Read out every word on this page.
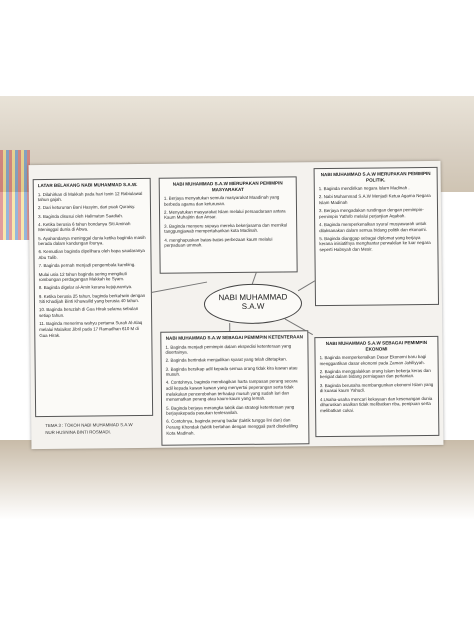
LATAR BELAKANG NABI MUHAMMAD S.A.W.
1. Dilahirkan di Makkah pada hari Isnin 12 Rabiulawal tahun gajah.
2. Dari keturunan Bani Hasyim, dari puak Quraisy.
3. Baginda disusui oleh Halimatun Saadiah.
4. Ketika berusia 6 tahun bondanya Siti Aminah Meninggal dunia di Abwa.
5. Ayahandanya meninggal dunia ketika baginda masih berada dalam kandungan ibunya.
6. Kemudian baginda dipelihara oleh bapa saudaranya Abu Talib.
7. Baginda pernah menjadi pengembala kambing.
Mulai usia 12 tahun baginda sering mengikuti rombongan perdagangan Makkah ke Syam.
8. Baginda digelar al-Amin kerana kejujurannya.
9. Ketika berusia 25 tahun, baginda berkahwin dengan Siti Khadijah Binti Khuwailid yang berusia 40 tahun.
10. Baginda beruzlah di Gua Hirak selama sebulan setiap tahun.
11. Baginda menerima wahyu pertama Surah Al-Alaq melalui Malaikat Jibril pada 17 Ramadhan 610 M di Gua Hirak.
NABI MUHAMMAD S.A.W MERUPAKAN PEMIMPIN MASYARAKAT
1. Berjaya menyatukan semula masyarakat Maadinah yang berbeda agama dan keturunan.
2. Menyatukan masyarakat Islam melalui persaudaraan antara Kaum Muhajirin dan Ansar.
3. Baginda menyeru supaya mereka bekerjasama dan memikul tanggungjawab mempertahankan kota Madinah.
4. menghapuskan batas-batas perbezaan kaum melalui perpaduan ummah.
NABI MUHAMMAD S.A.W MERUPAKAN PEMIMPIN POLITIK.
1. Baginda mendirikan negara Islam Madinah .
2. Nabi Muhammad S.A.W Menjadi Ketua Agama Negara Islam Madinah
3. Berjaya mengadakan rundingan dengan pemimpin-pemimpin Yathrib melalui perjanjian Aqabah.
4. Baginda memperkenalkan syura/ musyawarah untuk dilaksanakan dalam semua bidang politik dan ekonomi.
5. Baginda dianggap sebagai diplomat yang berjaya kerana inisiatifnya menghantar perwakilan ke luar negara seperti Habsyah dan Mesir.
NABI MUHAMMAD
S.A.W
NABI MUHAMMAD S.A.W SEBAGAI PEMIMPIN KETENTERAAN
1. Baginda menjadi pemimpin dalam ekspedisi ketenteraan yang disertainya.
2. Baginda bertindak menjadikan syarat yang telah ditetapkan.
3. Baginda bersikap adil kepada semua orang tidak kira kawan atau musuh.
4. Contohnya, baginda membagikan harta rampasan perang secara adil kepada kawan kawan yang menyertai peperangan serta tidak melakukan pencerobohan terhadap musuh yang sudah lari dan menamatkan perang atau kaum-kaum yang lemah.
5. Baginda berjaya merangka taktik dan strategi ketenteraan yang berjayakepada pasukan tenteranilah.
6. Contohnya, baginda perang badar (taktik tunggo lini dan) dan Perang Khondak (taktik bertahan dengan menggali parit disekeliling Kota Madinah.
NABI MUHAMMAD S.A.W SEBAGAI PEMIMPIN EKONOMI
1. Baginda memperkenalkan Dasar Ekonomi baru bagi menggantikan dasar ekonomi pada Zaman Jahiliyyah.
2. Baginda menggalakkan orang Islam bekerja keras dan berigiat dalam bidang perniagaan dan pertanian.
3. Baginda berusaha membangunkan ekonomi Islam yang di kuasai kaum Yahudi.
4.Usaha-usaha mencari kekayaan dan kesenangan dunia diharuskan asalkan tidak melibatkan riba, penipuan serta melibatkan cukai.
TEMA 3 : TOKOH NABI MUHAMMAD S.A.W
NUR HUSNINA BINTI ROSMADI.
